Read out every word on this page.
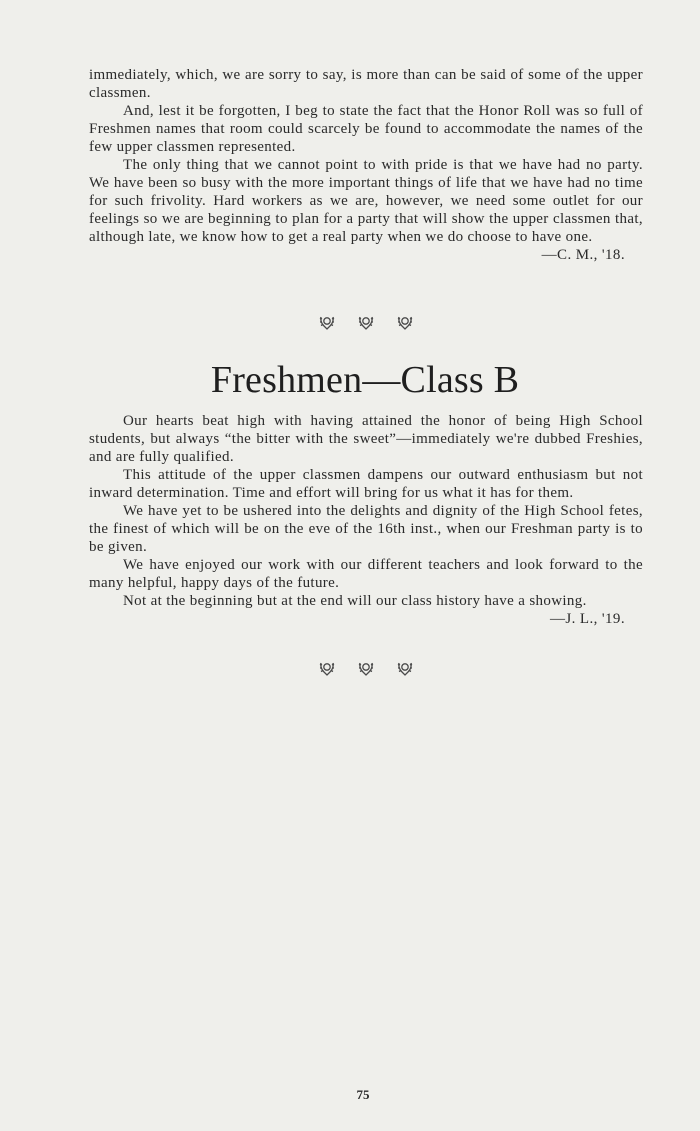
immediately, which, we are sorry to say, is more than can be said of some of the upper classmen.

And, lest it be forgotten, I beg to state the fact that the Honor Roll was so full of Freshmen names that room could scarcely be found to accommodate the names of the few upper classmen represented.

The only thing that we cannot point to with pride is that we have had no party. We have been so busy with the more important things of life that we have had no time for such frivolity. Hard workers as we are, however, we need some outlet for our feelings so we are beginning to plan for a party that will show the upper classmen that, although late, we know how to get a real party when we do choose to have one.
—C. M., '18.

Freshmen—Class B

Our hearts beat high with having attained the honor of being High School students, but always “the bitter with the sweet”—immediately we're dubbed Freshies, and are fully qualified.

This attitude of the upper classmen dampens our outward enthusiasm but not inward determination. Time and effort will bring for us what it has for them.

We have yet to be ushered into the delights and dignity of the High School fetes, the finest of which will be on the eve of the 16th inst., when our Freshman party is to be given.

We have enjoyed our work with our different teachers and look forward to the many helpful, happy days of the future.

Not at the beginning but at the end will our class history have a showing.
—J. L., '19.

75
